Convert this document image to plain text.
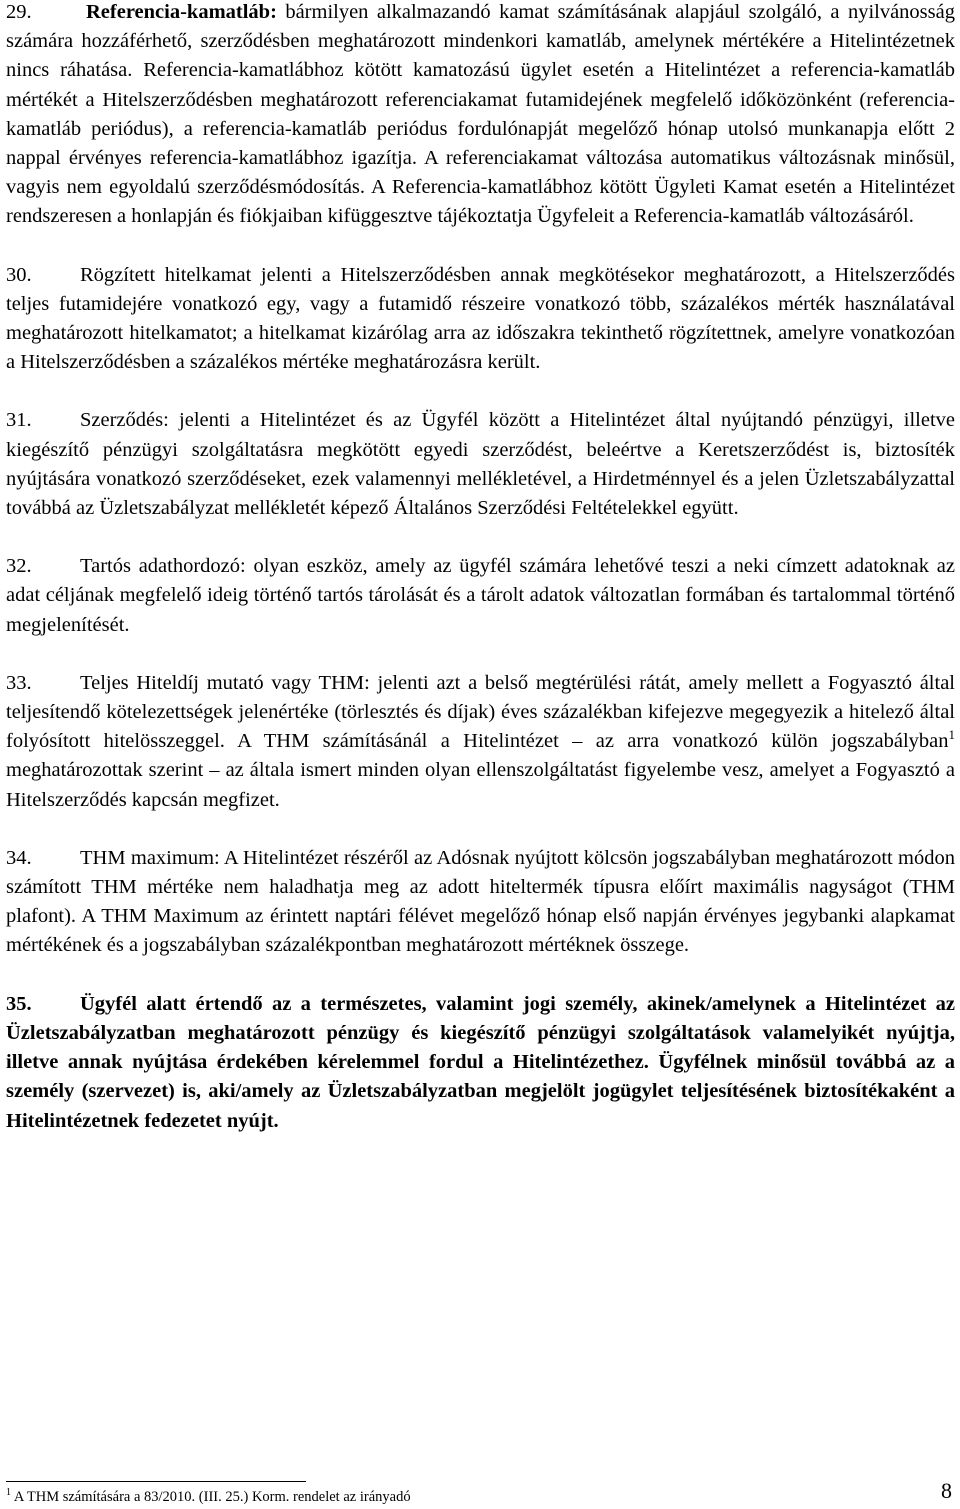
29.	Referencia-kamatláb: bármilyen alkalmazandó kamat számításának alapjául szolgáló, a nyilvánosság számára hozzáférhető, szerződésben meghatározott mindenkori kamatláb, amelynek mértékére a Hitelintézetnek nincs ráhatása. Referencia-kamatlábhoz kötött kamatozású ügylet esetén a Hitelintézet a referencia-kamatláb mértékét a Hitelszerződésben meghatározott referenciakamat futamidejének megfelelő időközönként (referencia-kamatláb periódus), a referencia-kamatláb periódus fordulónapját megelőző hónap utolsó munkanapja előtt 2 nappal érvényes referencia-kamatlábhoz igazítja. A referenciakamat változása automatikus változásnak minősül, vagyis nem egyoldalú szerződésmódosítás. A Referencia-kamatlábhoz kötött Ügyleti Kamat esetén a Hitelintézet rendszeresen a honlapján és fiókjaiban kifüggesztve tájékoztatja Ügyfeleit a Referencia-kamatláb változásáról.

30. Rögzített hitelkamat jelenti a Hitelszerződésben annak megkötésekor meghatározott, a Hitelszerződés teljes futamidejére vonatkozó egy, vagy a futamidő részeire vonatkozó több, százalékos mérték használatával meghatározott hitelkamatot; a hitelkamat kizárólag arra az időszakra tekinthető rögzítettnek, amelyre vonatkozóan a Hitelszerződésben a százalékos mértéke meghatározásra került.

31. Szerződés: jelenti a Hitelintézet és az Ügyfél között a Hitelintézet által nyújtandó pénzügyi, illetve kiegészítő pénzügyi szolgáltatásra megkötött egyedi szerződést, beleértve a Keretszerződést is, biztosíték nyújtására vonatkozó szerződéseket, ezek valamennyi mellékletével, a Hirdetménnyel és a jelen Üzletszabályzattal továbbá az Üzletszabályzat mellékletét képező Általános Szerződési Feltételekkel együtt.

32. Tartós adathordozó: olyan eszköz, amely az ügyfél számára lehetővé teszi a neki címzett adatoknak az adat céljának megfelelő ideig történő tartós tárolását és a tárolt adatok változatlan formában és tartalommal történő megjelenítését.

33. Teljes Hiteldíj mutató vagy THM: jelenti azt a belső megtérülési rátát, amely mellett a Fogyasztó által teljesítendő kötelezettségek jelenértéke (törlesztés és díjak) éves százalékban kifejezve megegyezik a hitelező által folyósított hitelösszeggel. A THM számításánál a Hitelintézet – az arra vonatkozó külön jogszabályban$^1$ meghatározottak szerint – az általa ismert minden olyan ellenszolgáltatást figyelembe vesz, amelyet a Fogyasztó a Hitelszerződés kapcsán megfizet.

34. THM maximum: A Hitelintézet részéről az Adósnak nyújtott kölcsön jogszabályban meghatározott módon számított THM mértéke nem haladhatja meg az adott hiteltermék típusra előírt maximális nagyságot (THM plafont). A THM Maximum az érintett naptári félévet megelőző hónap első napján érvényes jegybanki alapkamat mértékének és a jogszabályban százalékpontban meghatározott mértéknek összege.

35. Ügyfél alatt értendő az a természetes, valamint jogi személy, akinek/amelynek a Hitelintézet az Üzletszabályzatban meghatározott pénzügy és kiegészítő pénzügyi szolgáltatások valamelyikét nyújtja, illetve annak nyújtása érdekében kérelemmel fordul a Hitelintézethez. Ügyfélnek minősül továbbá az a személy (szervezet) is, aki/amely az Üzletszabályzatban megjelölt jogügylet teljesítésének biztosítékaként a Hitelintézetnek fedezetet nyújt.

$^1$ A THM számítására a 83/2010. (III. 25.) Korm. rendelet az irányadó	8
